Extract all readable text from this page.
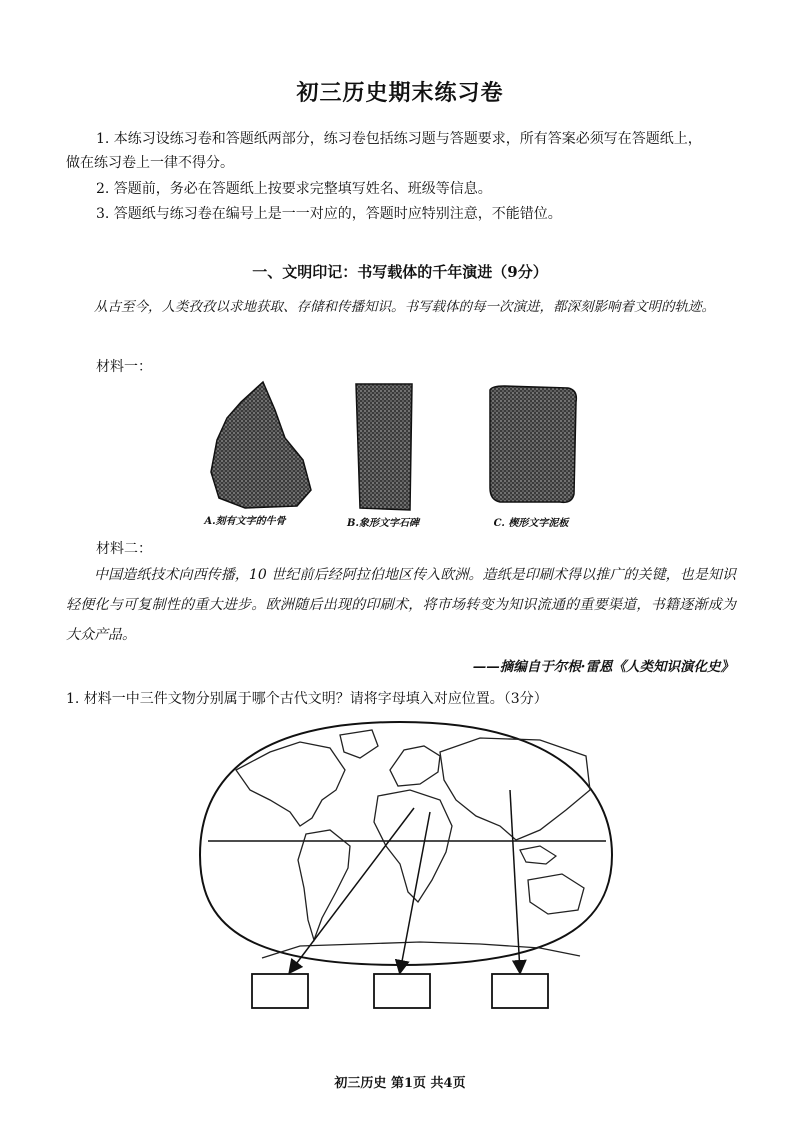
初三历史期末练习卷
1. 本练习设练习卷和答题纸两部分，练习卷包括练习题与答题要求，所有答案必须写在答题纸上，
做在练习卷上一律不得分。
2. 答题前，务必在答题纸上按要求完整填写姓名、班级等信息。
3. 答题纸与练习卷在编号上是一一对应的，答题时应特别注意，不能错位。
一、文明印记：书写载体的千年演进（9分）
从古至今，人类孜孜以求地获取、存储和传播知识。书写载体的每一次演进，都深刻影响着文明的轨迹。
材料一：
A.刻有文字的牛骨	B.象形文字石碑	C. 楔形文字泥板
材料二：
中国造纸技术向西传播，10 世纪前后经阿拉伯地区传入欧洲。造纸是印刷术得以推广的关键，也是知识轻便化与可复制性的重大进步。欧洲随后出现的印刷术，将市场转变为知识流通的重要渠道，书籍逐渐成为大众产品。
——摘编自于尔根·雷恩《人类知识演化史》
1. 材料一中三件文物分别属于哪个古代文明？请将字母填入对应位置。（3分）
初三历史 第1页 共4页
